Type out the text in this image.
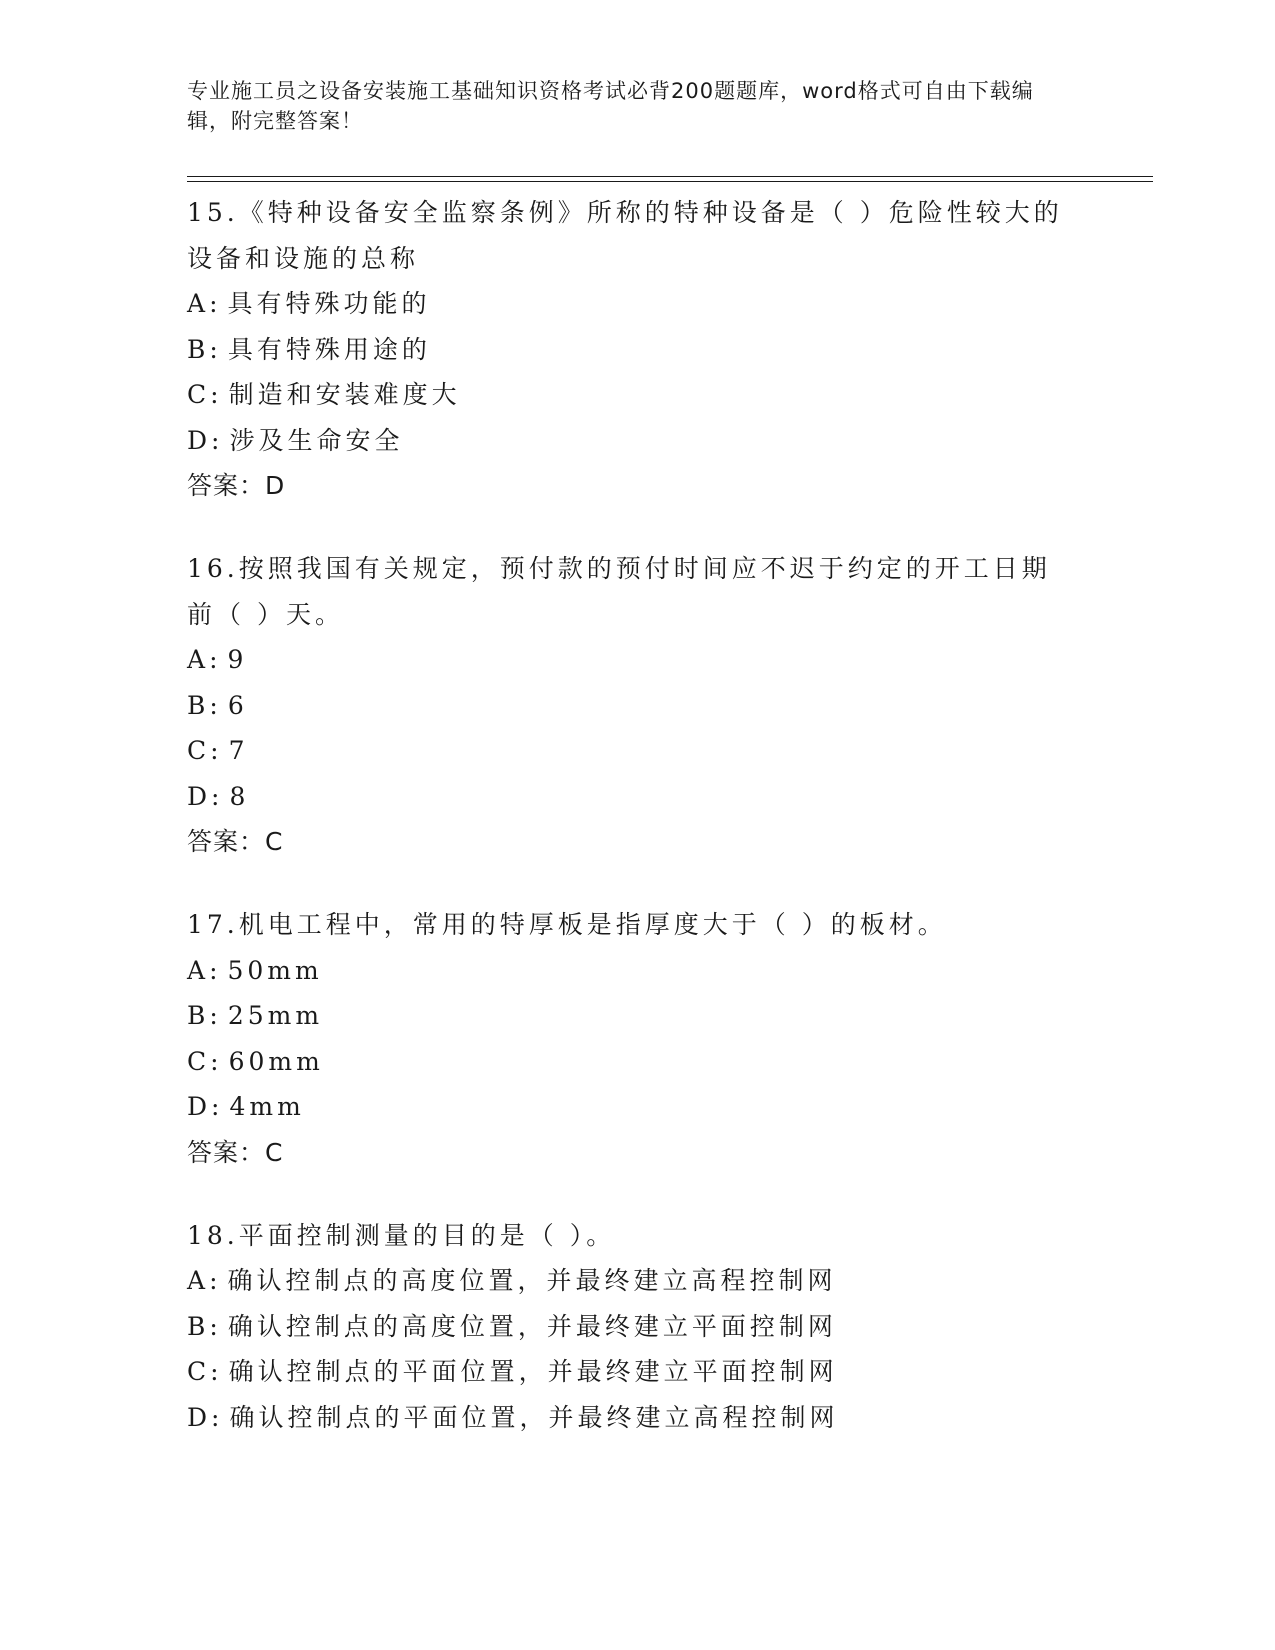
专业施工员之设备安装施工基础知识资格考试必背200题题库，word格式可自由下载编辑，附完整答案！
15.《特种设备安全监察条例》所称的特种设备是（ ）危险性较大的设备和设施的总称
A: 具有特殊功能的
B: 具有特殊用途的
C: 制造和安装难度大
D: 涉及生命安全
答案：D
16.按照我国有关规定，预付款的预付时间应不迟于约定的开工日期前（ ）天。
A: 9
B: 6
C: 7
D: 8
答案：C
17.机电工程中，常用的特厚板是指厚度大于（ ）的板材。
A: 50mm
B: 25mm
C: 60mm
D: 4mm
答案：C
18.平面控制测量的目的是（ ）。
A: 确认控制点的高度位置，并最终建立高程控制网
B: 确认控制点的高度位置，并最终建立平面控制网
C: 确认控制点的平面位置，并最终建立平面控制网
D: 确认控制点的平面位置，并最终建立高程控制网
